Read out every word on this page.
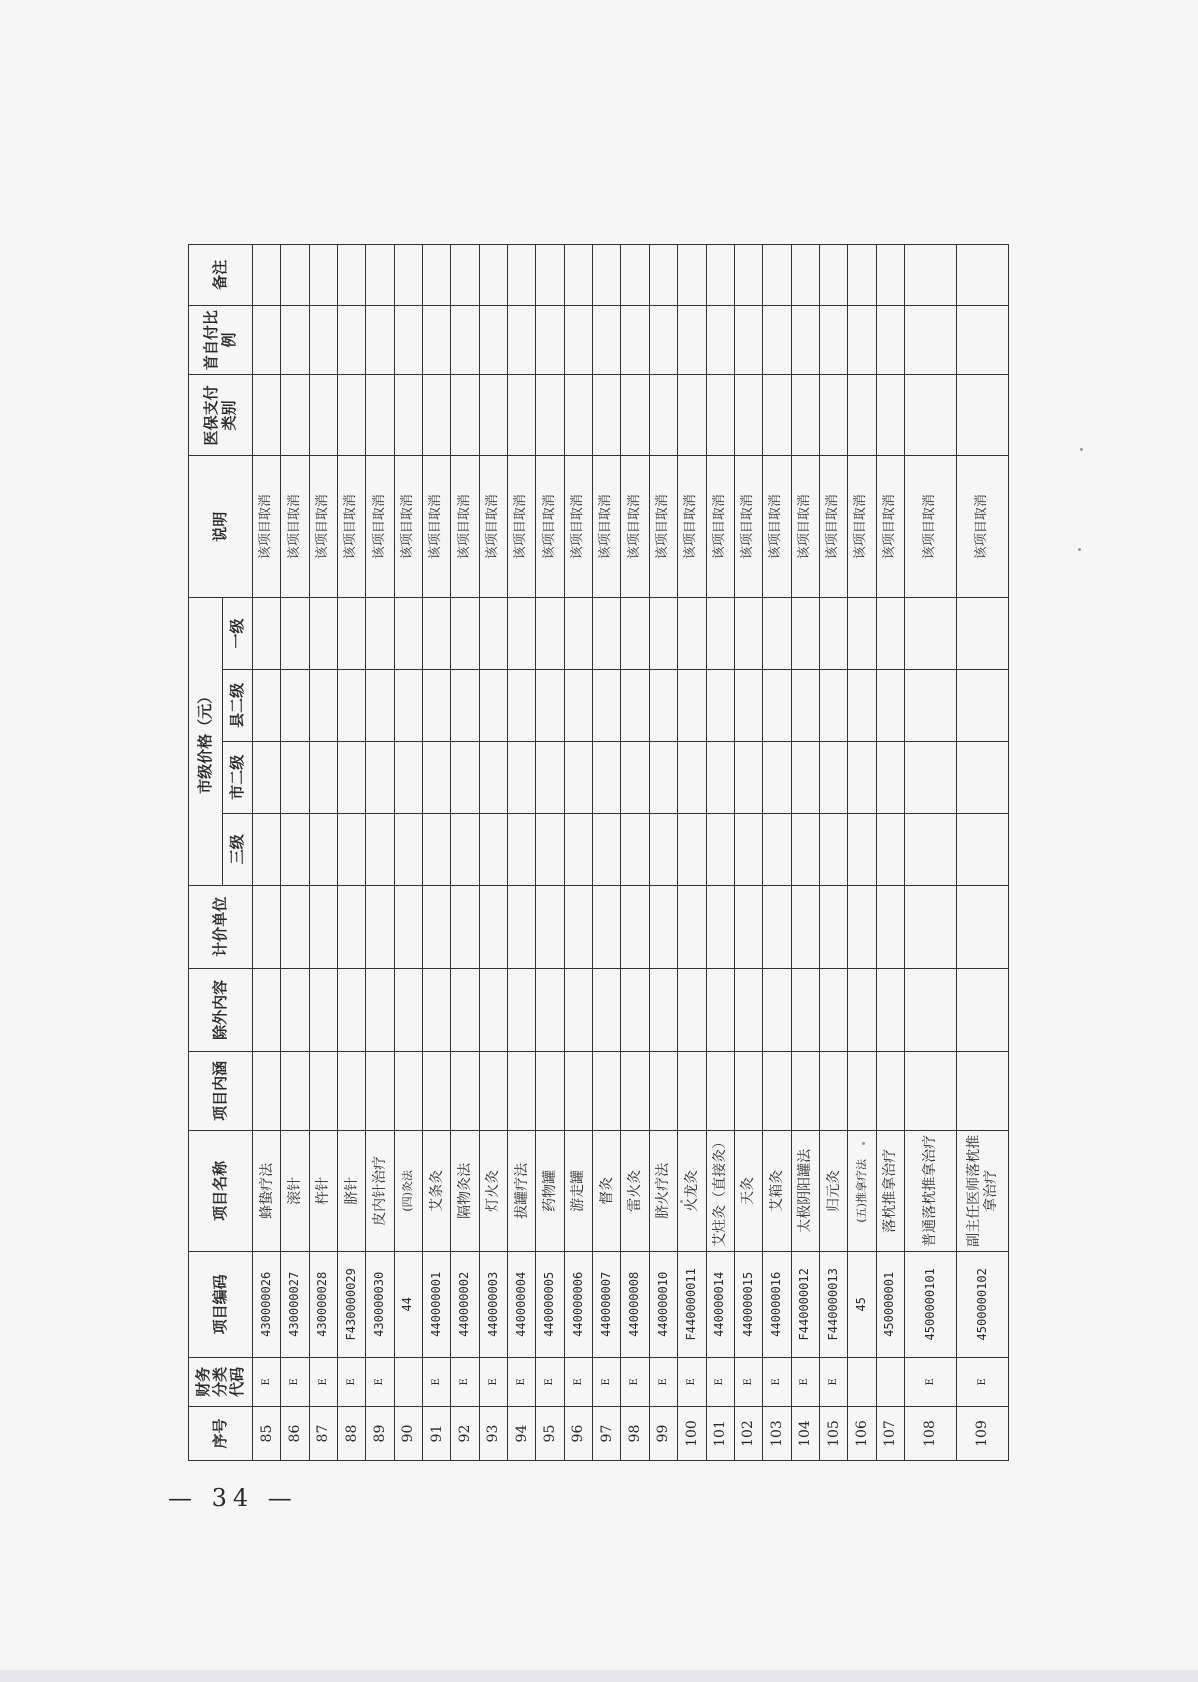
序号	财务分类代码	项目编码	项目名称	项目内涵	除外内容	计价单位	市级价格（元）				说明	医保支付类别	首自付比例	备注
							三级	市二级	县二级	一级				
85	E	430000026	蜂蛰疗法								该项目取消			
86	E	430000027	滚针								该项目取消			
87	E	430000028	杵针								该项目取消			
88	E	F430000029	脐针								该项目取消			
89	E	430000030	皮内针治疗								该项目取消			
90		44	(四)灸法								该项目取消			
91	E	440000001	艾条灸								该项目取消			
92	E	440000002	隔物灸法								该项目取消			
93	E	440000003	灯火灸								该项目取消			
94	E	440000004	拔罐疗法								该项目取消			
95	E	440000005	药物罐								该项目取消			
96	E	440000006	游走罐								该项目取消			
97	E	440000007	督灸								该项目取消			
98	E	440000008	雷火灸								该项目取消			
99	E	440000010	脐火疗法								该项目取消			
100	E	F440000011	火龙灸								该项目取消			
101	E	440000014	艾炷灸（直接灸）								该项目取消			
102	E	440000015	天灸								该项目取消			
103	E	440000016	艾箱灸								该项目取消			
104	E	F440000012	太极阴阳罐法								该项目取消			
105	E	F440000013	归元灸								该项目取消			
106		45	(五)推拿疗法								该项目取消			
107		450000001	落枕推拿治疗								该项目取消			
108	E	4500000101	普通落枕推拿治疗								该项目取消			
109	E	4500000102	副主任医师落枕推拿治疗								该项目取消			
— 34 —
